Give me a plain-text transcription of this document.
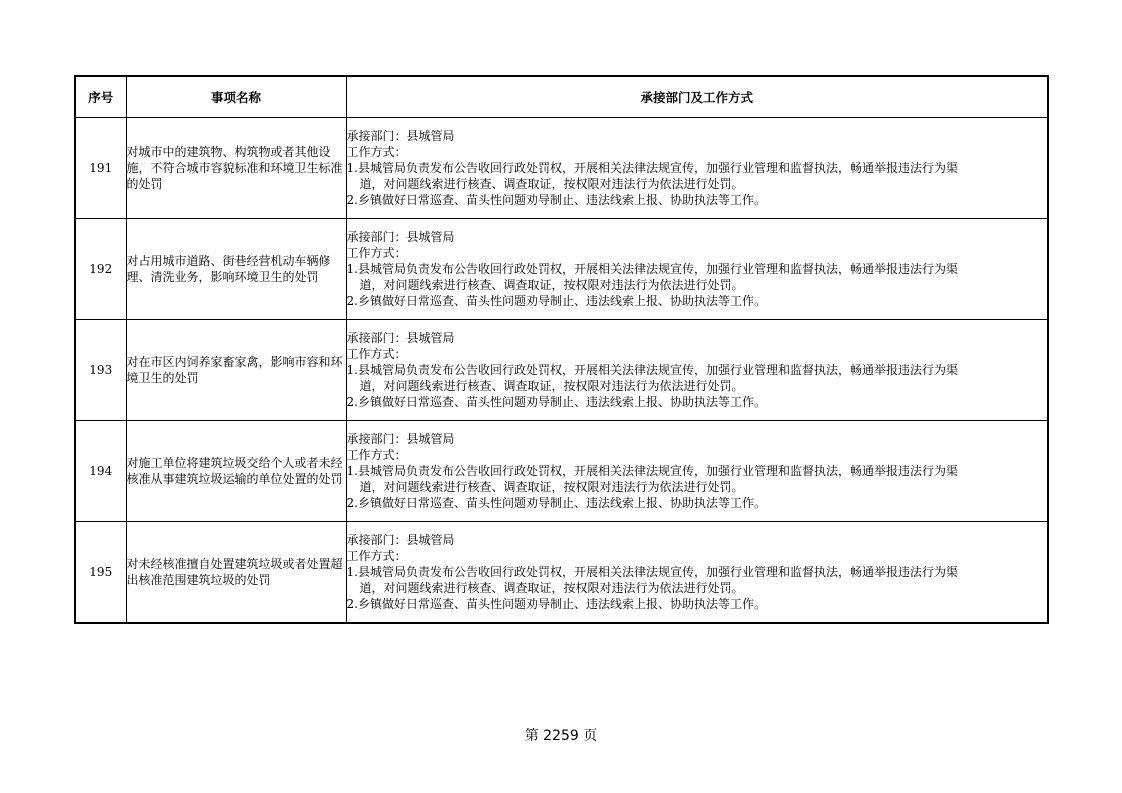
序号	事项名称	承接部门及工作方式
191	对城市中的建筑物、构筑物或者其他设施，不符合城市容貌标准和环境卫生标准的处罚	承接部门：县城管局
工作方式：
1.县城管局负责发布公告收回行政处罚权，开展相关法律法规宣传，加强行业管理和监督执法，畅通举报违法行为渠
道，对问题线索进行核查、调查取证，按权限对违法行为依法进行处罚。
2.乡镇做好日常巡查、苗头性问题劝导制止、违法线索上报、协助执法等工作。

192	对占用城市道路、街巷经营机动车辆修理、清洗业务，影响环境卫生的处罚	承接部门：县城管局
工作方式：
1.县城管局负责发布公告收回行政处罚权，开展相关法律法规宣传，加强行业管理和监督执法，畅通举报违法行为渠
道，对问题线索进行核查、调查取证，按权限对违法行为依法进行处罚。
2.乡镇做好日常巡查、苗头性问题劝导制止、违法线索上报、协助执法等工作。

193	对在市区内饲养家畜家禽，影响市容和环境卫生的处罚	承接部门：县城管局
工作方式：
1.县城管局负责发布公告收回行政处罚权，开展相关法律法规宣传，加强行业管理和监督执法，畅通举报违法行为渠
道，对问题线索进行核查、调查取证，按权限对违法行为依法进行处罚。
2.乡镇做好日常巡查、苗头性问题劝导制止、违法线索上报、协助执法等工作。

194	对施工单位将建筑垃圾交给个人或者未经核准从事建筑垃圾运输的单位处置的处罚	承接部门：县城管局
工作方式：
1.县城管局负责发布公告收回行政处罚权，开展相关法律法规宣传，加强行业管理和监督执法，畅通举报违法行为渠
道，对问题线索进行核查、调查取证，按权限对违法行为依法进行处罚。
2.乡镇做好日常巡查、苗头性问题劝导制止、违法线索上报、协助执法等工作。

195	对未经核准擅自处置建筑垃圾或者处置超出核准范围建筑垃圾的处罚	承接部门：县城管局
工作方式：
1.县城管局负责发布公告收回行政处罚权，开展相关法律法规宣传，加强行业管理和监督执法，畅通举报违法行为渠
道，对问题线索进行核查、调查取证，按权限对违法行为依法进行处罚。
2.乡镇做好日常巡查、苗头性问题劝导制止、违法线索上报、协助执法等工作。
第 2259 页
